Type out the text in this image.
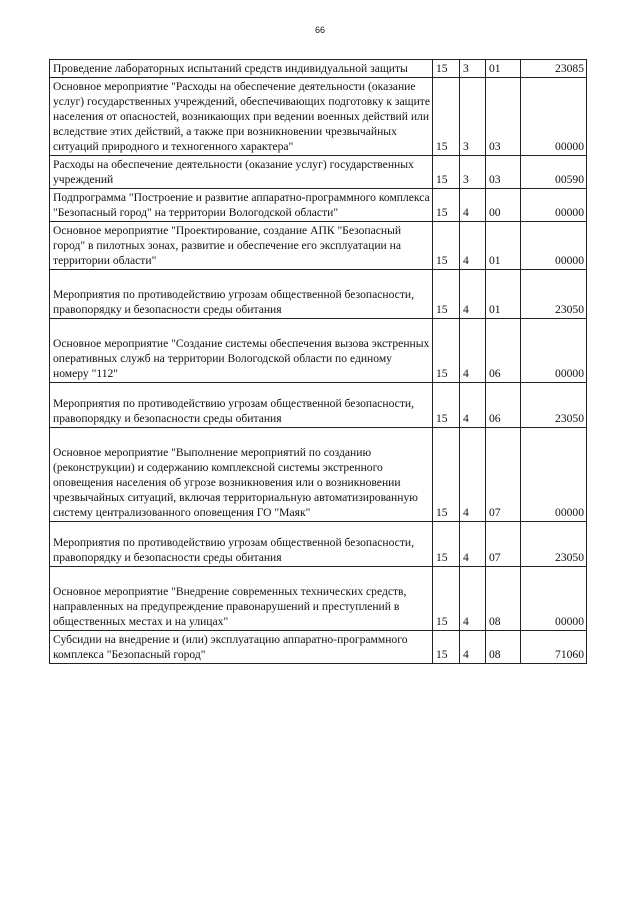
66
Проведение лабораторных испытаний средств индивидуальной защиты	15	3	01	23085

Основное мероприятие "Расходы на обеспечение деятельности (оказание услуг) государственных учреждений, обеспечивающих подготовку к защите населения от опасностей, возникающих при ведении военных действий или вследствие этих действий, а также при возникновении чрезвычайных ситуаций природного и техногенного характера"	15	3	03	00000

Расходы на обеспечение деятельности (оказание услуг) государственных учреждений	15	3	03	00590

Подпрограмма "Построение и развитие аппаратно-программного комплекса "Безопасный город" на территории Вологодской области"	15	4	00	00000

Основное мероприятие "Проектирование, создание АПК "Безопасный город" в пилотных зонах, развитие и обеспечение его эксплуатации на территории области"	15	4	01	00000

Мероприятия по противодействию угрозам общественной безопасности, правопорядку и безопасности среды обитания	15	4	01	23050

Основное мероприятие "Создание системы обеспечения вызова экстренных оперативных служб на территории Вологодской области по единому номеру "112"	15	4	06	00000

Мероприятия по противодействию угрозам общественной безопасности, правопорядку и безопасности среды обитания	15	4	06	23050

Основное мероприятие "Выполнение мероприятий по созданию (реконструкции) и содержанию комплексной системы экстренного оповещения населения об угрозе возникновения или о возникновении чрезвычайных ситуаций, включая территориальную автоматизированную систему централизованного оповещения ГО "Маяк"	15	4	07	00000

Мероприятия по противодействию угрозам общественной безопасности, правопорядку и безопасности среды обитания	15	4	07	23050

Основное мероприятие "Внедрение современных технических средств, направленных на предупреждение правонарушений и преступлений в общественных местах и на улицах"	15	4	08	00000

Субсидии на внедрение и (или) эксплуатацию аппаратно-программного комплекса "Безопасный город"	15	4	08	71060
